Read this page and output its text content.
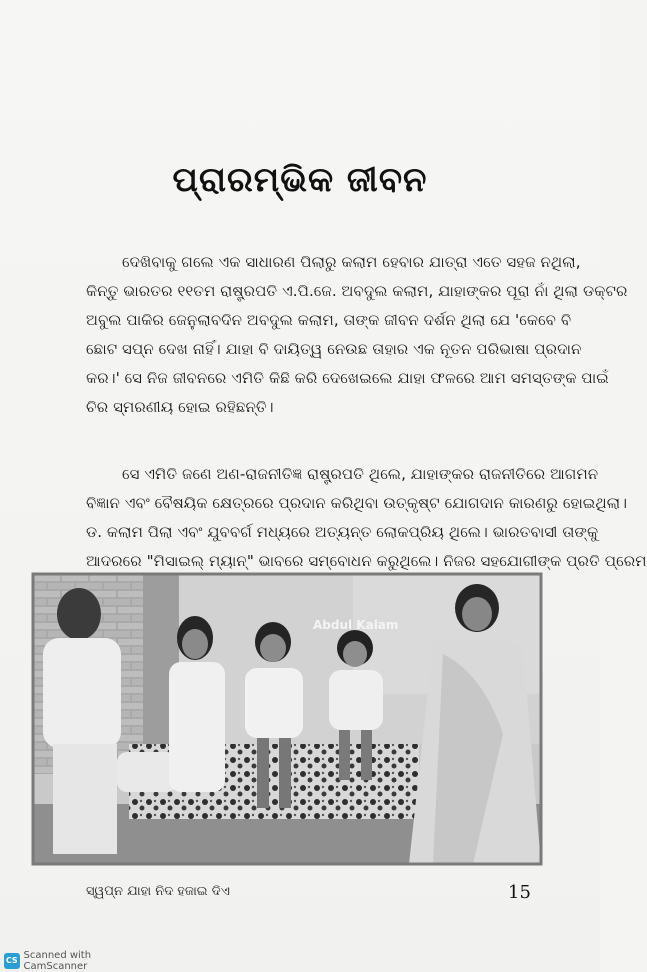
ପ୍ରାରମ୍ଭିକ ଜୀବନ
ଦେଖିବାକୁ ଗଲେ ଏକ ସାଧାରଣ ପିଲାରୁ କଲାମ ହେବାର ଯାତ୍ରା ଏତେ ସହଜ ନଥିଲା,
କିନ୍ତୁ ଭାରତର ୧୧ତମ ରାଷ୍ଟ୍ରପତି ଏ.ପି.ଜେ. ଅବଦୁଲ କଲାମ, ଯାହାଙ୍କର ପୂରା ନାଁ ଥିଲା ଡକ୍ଟର
ଅବୁଲ ପାକିର ଜେନୁଲାବଦିନ ଅବଦୁଲ କଲାମ, ତାଙ୍କ ଜୀବନ ଦର୍ଶନ ଥିଲା ଯେ 'କେବେ ବି
ଛୋଟ ସପ୍ନ ଦେଖ ନାହିଁ। ଯାହା ବି ଦାୟିତ୍ୱ ନେଉଛ ତାହାର ଏକ ନୂତନ ପରିଭାଷା ପ୍ରଦାନ
କର।' ସେ ନିଜ ଜୀବନରେ ଏମିତି କିଛି କରି ଦେଖେଇଲେ ଯାହା ଫଳରେ ଆମ ସମସ୍ତଙ୍କ ପାଇଁ
ଚିର ସ୍ମରଣୀୟ ହୋଇ ରହିଛନ୍ତି।
ସେ ଏମିତି ଜଣେ ଅଣ-ରାଜନୀତିଜ୍ଞ ରାଷ୍ଟ୍ରପତି ଥିଲେ, ଯାହାଙ୍କର ରାଜନୀତିରେ ଆଗମନ
ବିଜ୍ଞାନ ଏବଂ ବୈଷୟିକ କ୍ଷେତ୍ରରେ ପ୍ରଦାନ କରିଥିବା ଉତ୍କୃଷ୍ଟ ଯୋଗଦାନ କାରଣରୁ ହୋଇଥିଲା।
ଡ. କଲାମ ପିଲା ଏବଂ ଯୁବବର୍ଗ ମଧ୍ୟରେ ଅତ୍ୟନ୍ତ ଲୋକପ୍ରିୟ ଥିଲେ। ଭାରତବାସୀ ତାଙ୍କୁ
ଆଦରରେ "ମିସାଇଲ୍ ମ୍ୟାନ୍" ଭାବରେ ସମ୍ବୋଧନ କରୁଥିଲେ। ନିଜର ସହଯୋଗୀଙ୍କ ପ୍ରତି ପ୍ରେମ
Abdul Kalam
ସ୍ୱପ୍ନ ଯାହା ନିଦ ହଜାଇ ଦିଏ	15
CS Scanned with CamScanner
